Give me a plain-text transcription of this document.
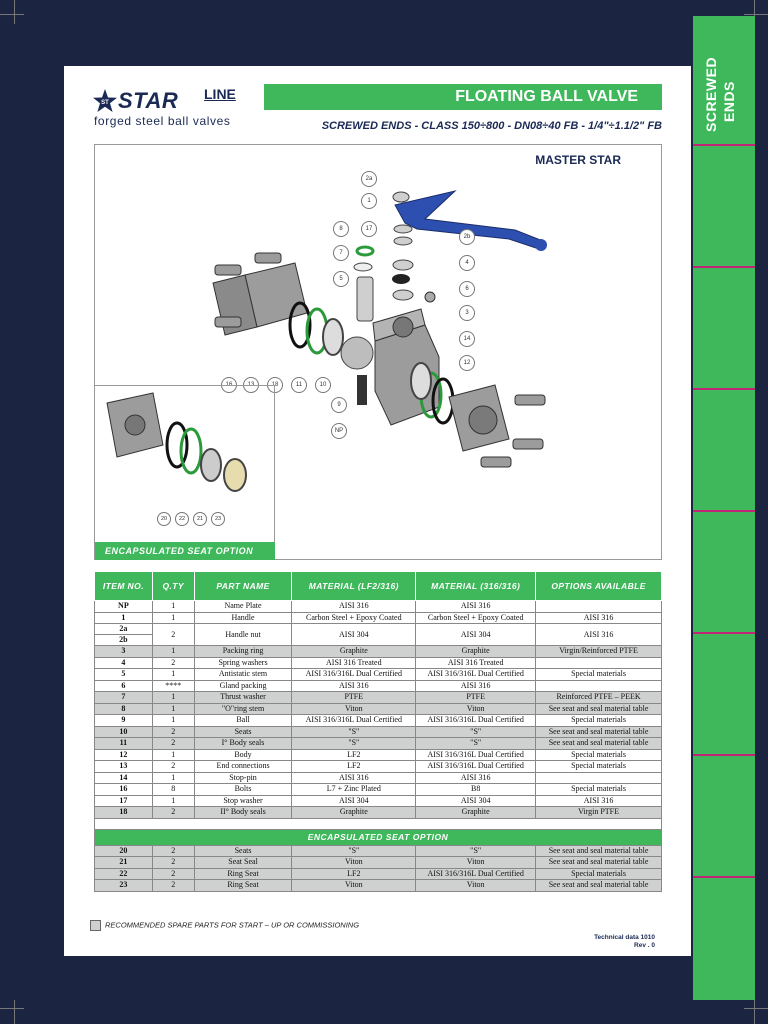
SCREWED ENDS
ST STAR LINE
forged steel ball valves
FLOATING BALL VALVE
SCREWED ENDS - CLASS 150÷800 - DN08÷40 FB - 1/4"÷1.1/2" FB
MASTER STAR
2a
1
8	17
2b
7
4
5
6
3
14
12
16	13	18	11	10
9
NP
20	22	21	23
ENCAPSULATED SEAT OPTION
ITEM NO.	Q.TY	PART NAME	MATERIAL (LF2/316)	MATERIAL (316/316)	OPTIONS AVAILABLE
NP	1	Name Plate	AISI 316	AISI 316	
1	1	Handle	Carbon Steel + Epoxy Coated	Carbon Steel + Epoxy Coated	AISI 316

2a
2b	2	Handle nut	AISI 304	AISI 304	AISI 316
3	1	Packing ring	Graphite	Graphite	Virgin/Reinforced PTFE
4	2	Spring washers	AISI 316 Treated	AISI 316 Treated	
5	1	Antistatic stem	AISI 316/316L Dual Certified	AISI 316/316L Dual Certified	Special materials
6	****	Gland packing	AISI 316	AISI 316	
7	1	Thrust washer	PTFE	PTFE	Reinforced PTFE – PEEK
8	1	"O"ring stem	Viton	Viton	See seat and seal material table
9	1	Ball	AISI 316/316L Dual Certified	AISI 316/316L Dual Certified	Special materials
10	2	Seats	"S"	"S"	See seat and seal material table
11	2	I° Body seals	"S"	"S"	See seat and seal material table
12	1	Body	LF2	AISI 316/316L Dual Certified	Special materials
13	2	End connections	LF2	AISI 316/316L Dual Certified	Special materials
14	1	Stop-pin	AISI 316	AISI 316	
16	8	Bolts	L7 + Zinc Plated	B8	Special materials
17	1	Stop washer	AISI 304	AISI 304	AISI 316
18	2	II° Body seals	Graphite	Graphite	Virgin PTFE

ENCAPSULATED SEAT OPTION					
20	2	Seats	"S"	"S"	See seat and seal material table
21	2	Seat Seal	Viton	Viton	See seat and seal material table
22	2	Ring Seat	LF2	AISI 316/316L Dual Certified	Special materials
23	2	Ring Seat	Viton	Viton	See seat and seal material table
RECOMMENDED SPARE PARTS FOR START – UP OR COMMISSIONING
Technical data 1010
Rev . 0
